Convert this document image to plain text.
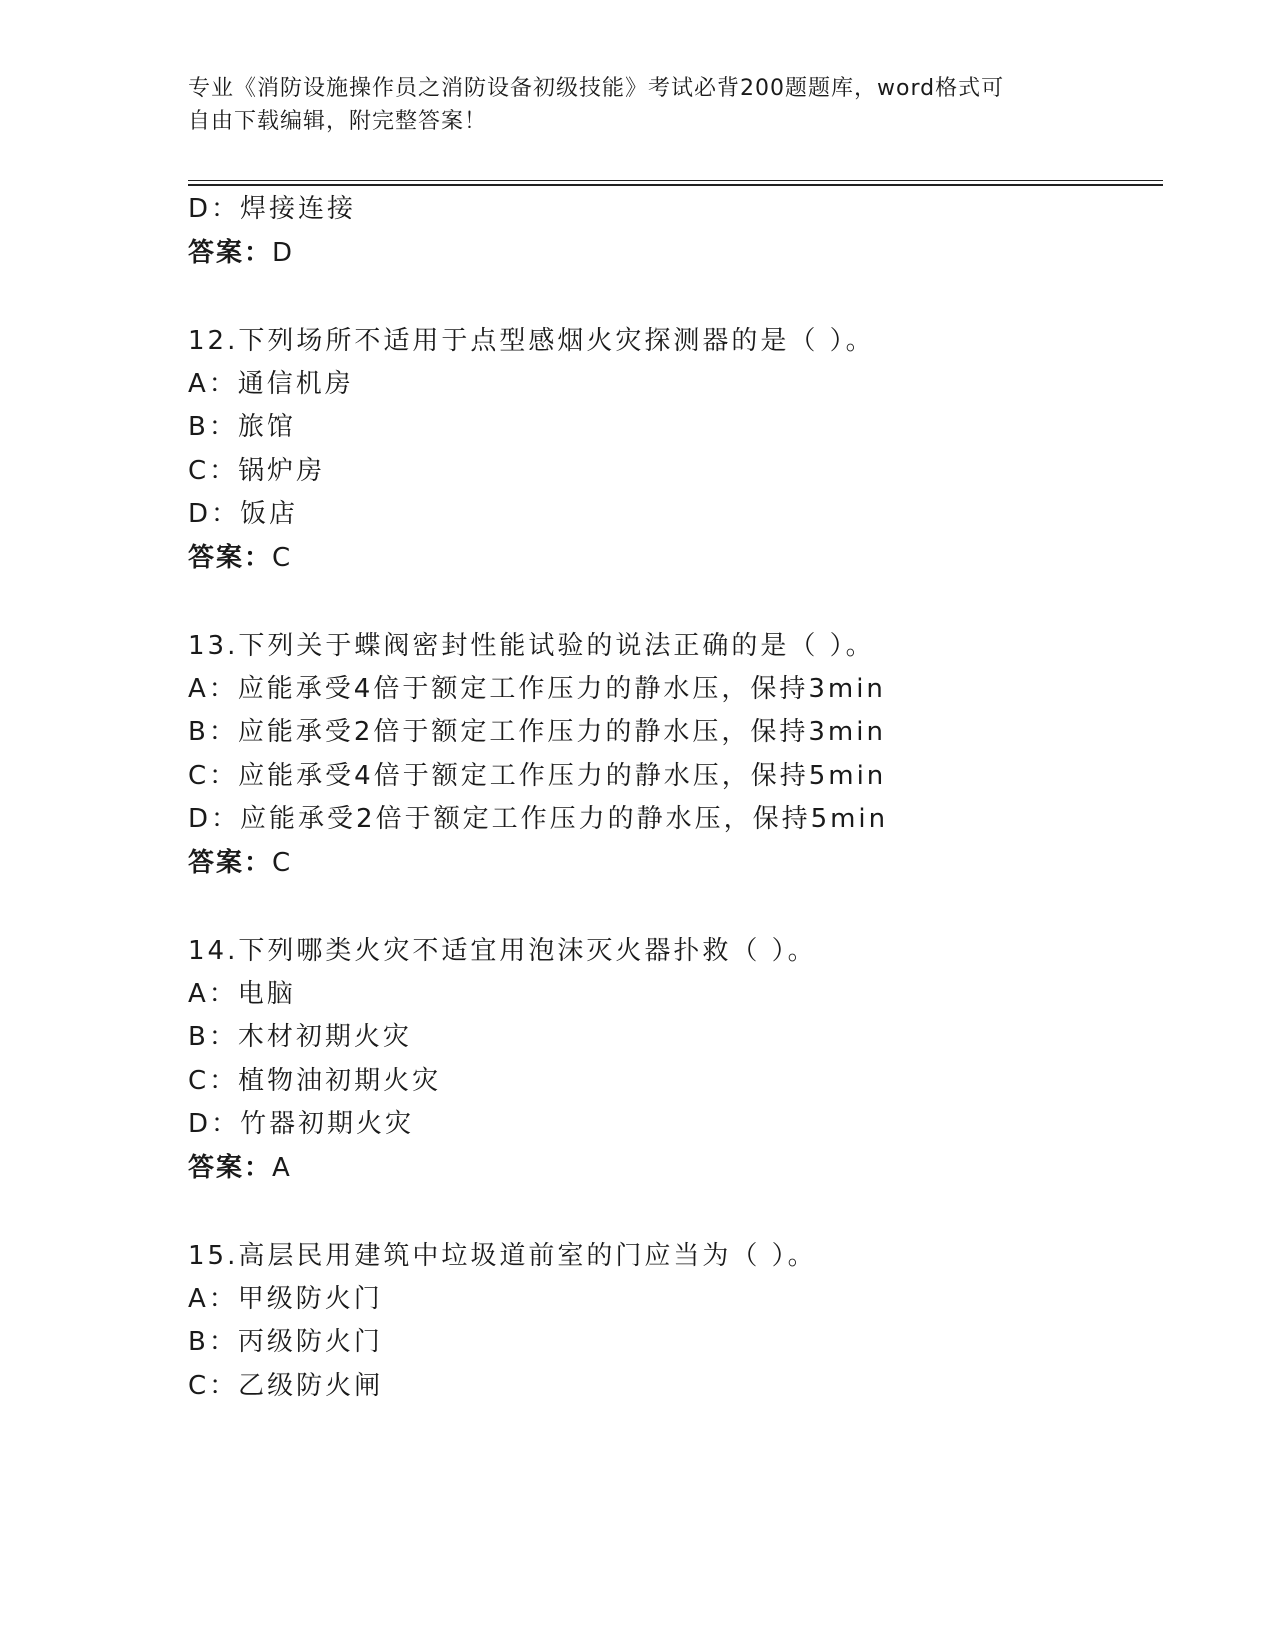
专业《消防设施操作员之消防设备初级技能》考试必背200题题库，word格式可
自由下载编辑，附完整答案！
D：焊接连接
答案：D
12.下列场所不适用于点型感烟火灾探测器的是（ ）。
A：通信机房
B：旅馆
C：锅炉房
D：饭店
答案：C
13.下列关于蝶阀密封性能试验的说法正确的是（ ）。
A：应能承受4倍于额定工作压力的静水压，保持3min
B：应能承受2倍于额定工作压力的静水压，保持3min
C：应能承受4倍于额定工作压力的静水压，保持5min
D：应能承受2倍于额定工作压力的静水压，保持5min
答案：C
14.下列哪类火灾不适宜用泡沫灭火器扑救（ ）。
A：电脑
B：木材初期火灾
C：植物油初期火灾
D：竹器初期火灾
答案：A
15.高层民用建筑中垃圾道前室的门应当为（ ）。
A：甲级防火门
B：丙级防火门
C：乙级防火闸
